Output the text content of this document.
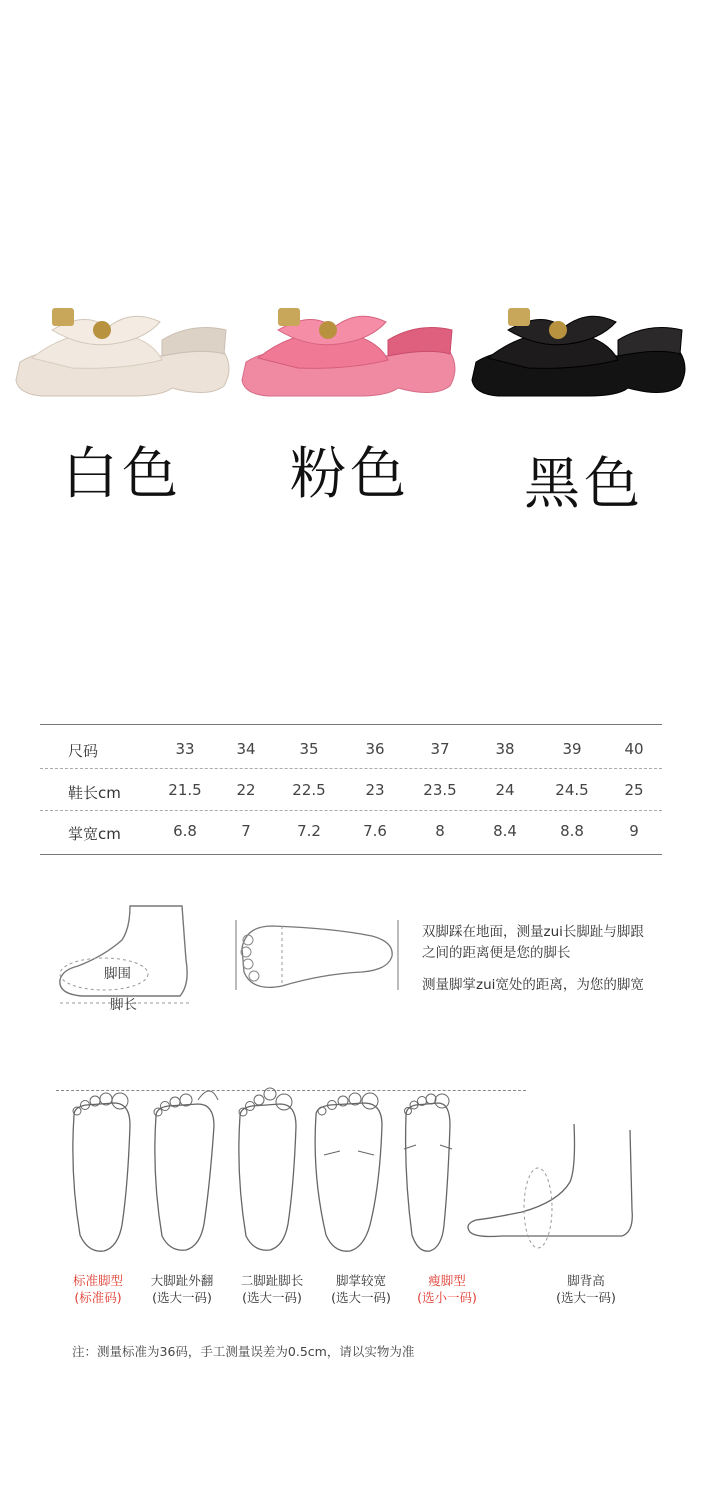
白色 粉色 黑色
尺码	33	34	35	36	37	38	39	40
鞋长cm	21.5	22	22.5	23	23.5	24	24.5	25
掌宽cm	6.8	7	7.2	7.6	8	8.4	8.8	9
脚围
脚长
双脚踩在地面，测量zui长脚趾与脚跟
之间的距离便是您的脚长
测量脚掌zui宽处的距离，为您的脚宽
标准脚型
(标准码)
大脚趾外翻
(选大一码)
二脚趾脚长
(选大一码)
脚掌较宽
(选大一码)
瘦脚型
(选小一码)
脚背高
(选大一码)
注：测量标准为36码，手工测量误差为0.5cm，请以实物为准
